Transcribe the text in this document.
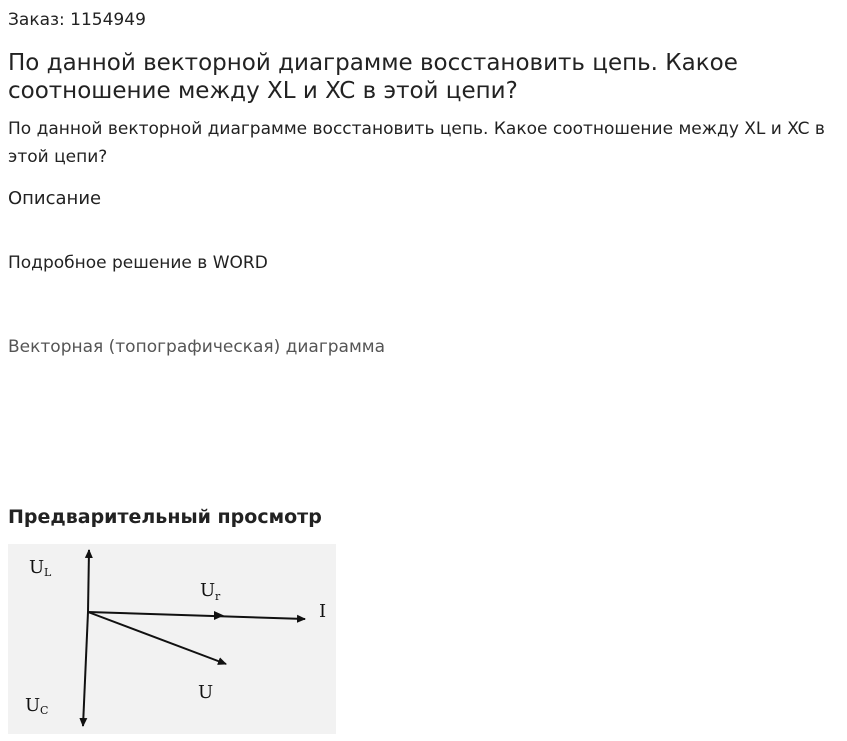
Заказ: 1154949
По данной векторной диаграмме восстановить цепь. Какое соотношение между XL и XC в этой цепи?
По данной векторной диаграмме восстановить цепь. Какое соотношение между XL и XC в этой цепи?
Описание
Подробное решение в WORD
Векторная (топографическая) диаграмма
Предварительный просмотр
U L
U C
U r
I
U
